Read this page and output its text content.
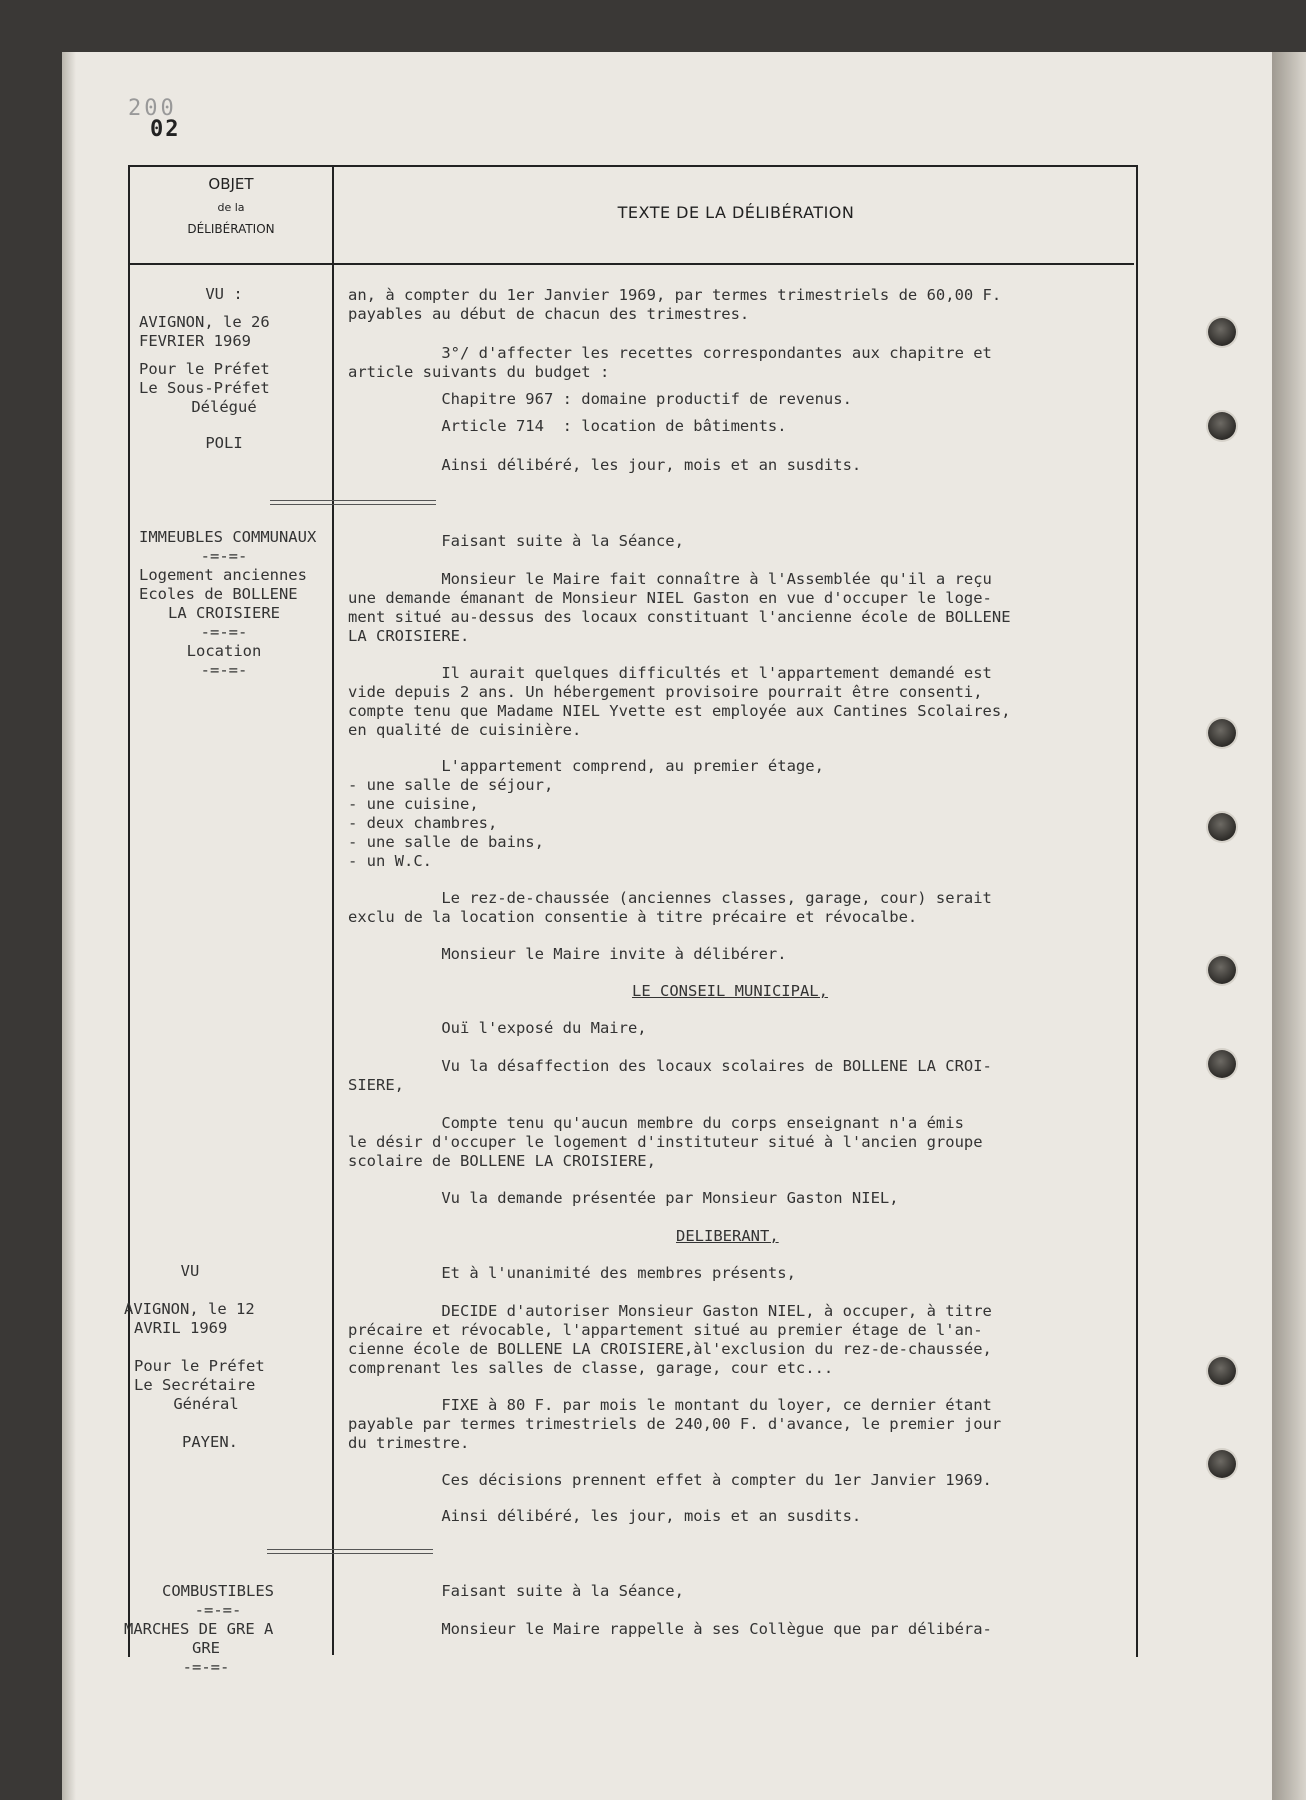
200
02
OBJET
de la
DÉLIBÉRATION
TEXTE DE LA DÉLIBÉRATION
VU :
AVIGNON, le 26
FEVRIER 1969
Pour le Préfet
Le Sous-Préfet
Délégué
POLI
IMMEUBLES COMMUNAUX
-=-=-
Logement anciennes
Ecoles de BOLLENE
LA CROISIERE
-=-=-
Location
-=-=-
VU
AVIGNON, le 12
AVRIL 1969
Pour le Préfet
Le Secrétaire
Général
PAYEN.
COMBUSTIBLES
-=-=-
MARCHES DE GRE A
GRE
-=-=-
an, à compter du 1er Janvier 1969, par termes trimestriels de 60,00 F.
payables au début de chacun des trimestres.
3°/ d'affecter les recettes correspondantes aux chapitre et
article suivants du budget :
Chapitre 967 : domaine productif de revenus.
Article 714  : location de bâtiments.
Ainsi délibéré, les jour, mois et an susdits.
Faisant suite à la Séance,
Monsieur le Maire fait connaître à l'Assemblée qu'il a reçu
une demande émanant de Monsieur NIEL Gaston en vue d'occuper le loge-
ment situé au-dessus des locaux constituant l'ancienne école de BOLLENE
LA CROISIERE.
Il aurait quelques difficultés et l'appartement demandé est
vide depuis 2 ans. Un hébergement provisoire pourrait être consenti,
compte tenu que Madame NIEL Yvette est employée aux Cantines Scolaires,
en qualité de cuisinière.
L'appartement comprend, au premier étage,
- une salle de séjour,
- une cuisine,
- deux chambres,
- une salle de bains,
- un W.C.
Le rez-de-chaussée (anciennes classes, garage, cour) serait
exclu de la location consentie à titre précaire et révocalbe.
Monsieur le Maire invite à délibérer.
LE CONSEIL MUNICIPAL,
Ouï l'exposé du Maire,
Vu la désaffection des locaux scolaires de BOLLENE LA CROI-
SIERE,
Compte tenu qu'aucun membre du corps enseignant n'a émis
le désir d'occuper le logement d'instituteur situé à l'ancien groupe
scolaire de BOLLENE LA CROISIERE,
Vu la demande présentée par Monsieur Gaston NIEL,
DELIBERANT,
Et à l'unanimité des membres présents,
DECIDE d'autoriser Monsieur Gaston NIEL, à occuper, à titre
précaire et révocable, l'appartement situé au premier étage de l'an-
cienne école de BOLLENE LA CROISIERE,àl'exclusion du rez-de-chaussée,
comprenant les salles de classe, garage, cour etc...
FIXE à 80 F. par mois le montant du loyer, ce dernier étant
payable par termes trimestriels de 240,00 F. d'avance, le premier jour
du trimestre.
Ces décisions prennent effet à compter du 1er Janvier 1969.
Ainsi délibéré, les jour, mois et an susdits.
Faisant suite à la Séance,
Monsieur le Maire rappelle à ses Collègue que par délibéra-
